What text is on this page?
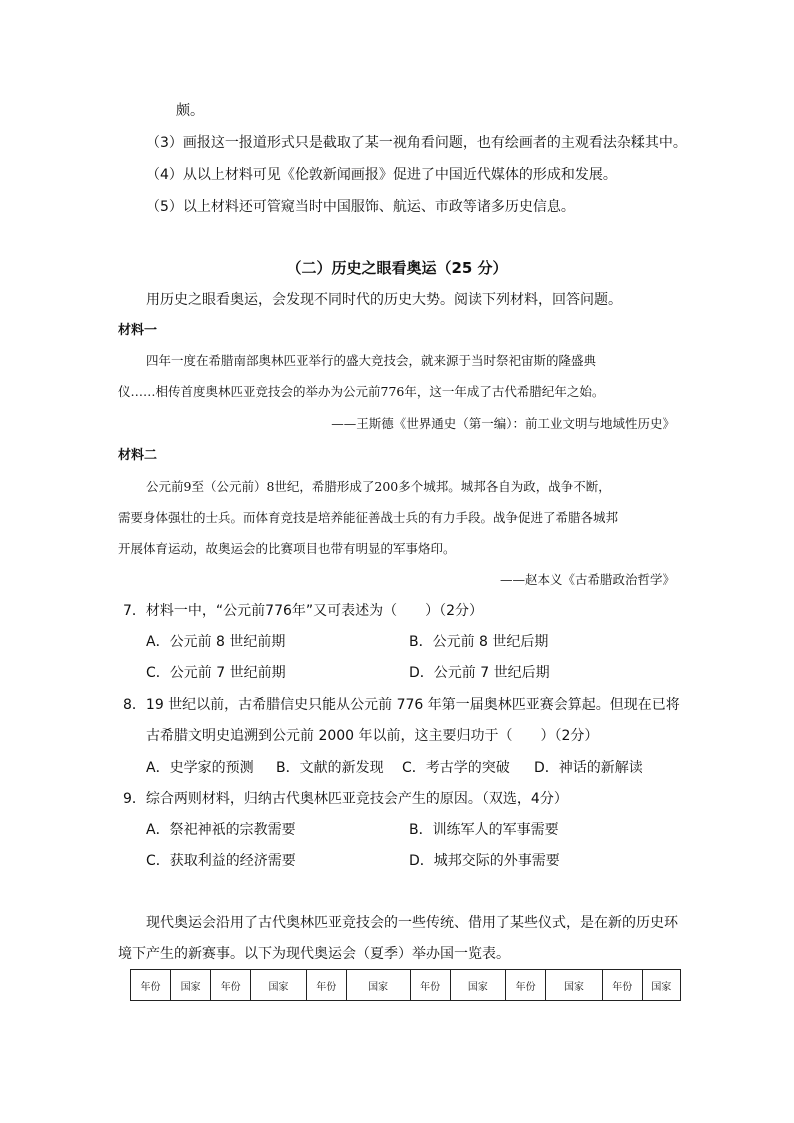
颇。
（3）画报这一报道形式只是截取了某一视角看问题，也有绘画者的主观看法杂糅其中。
（4）从以上材料可见《伦敦新闻画报》促进了中国近代媒体的形成和发展。
（5）以上材料还可管窥当时中国服饰、航运、市政等诸多历史信息。
（二）历史之眼看奥运（25 分）
用历史之眼看奥运，会发现不同时代的历史大势。阅读下列材料，回答问题。
材料一
四年一度在希腊南部奥林匹亚举行的盛大竞技会，就来源于当时祭祀宙斯的隆盛典
仪……相传首度奥林匹亚竞技会的举办为公元前776年，这一年成了古代希腊纪年之始。
——王斯德《世界通史（第一编）：前工业文明与地域性历史》
材料二
公元前9至（公元前）8世纪，希腊形成了200多个城邦。城邦各自为政，战争不断，
需要身体强壮的士兵。而体育竞技是培养能征善战士兵的有力手段。战争促进了希腊各城邦
开展体育运动，故奥运会的比赛项目也带有明显的军事烙印。
——赵本义《古希腊政治哲学》
7．材料一中，“公元前776年”又可表述为（　　）（2分）
A．公元前 8 世纪前期	B．公元前 8 世纪后期
C．公元前 7 世纪前期	D．公元前 7 世纪后期
8．19 世纪以前，古希腊信史只能从公元前 776 年第一届奥林匹亚赛会算起。但现在已将
古希腊文明史追溯到公元前 2000 年以前，这主要归功于（　　）（2分）
A．史学家的预测 B．文献的新发现 C．考古学的突破 D．神话的新解读
9．综合两则材料，归纳古代奥林匹亚竞技会产生的原因。（双选，4分）
A．祭祀神祇的宗教需要	B．训练军人的军事需要
C．获取利益的经济需要	D．城邦交际的外事需要
现代奥运会沿用了古代奥林匹亚竞技会的一些传统、借用了某些仪式，是在新的历史环
境下产生的新赛事。以下为现代奥运会（夏季）举办国一览表。
年份	国家	年份	国家	年份	国家	年份	国家	年份	国家	年份	国家
